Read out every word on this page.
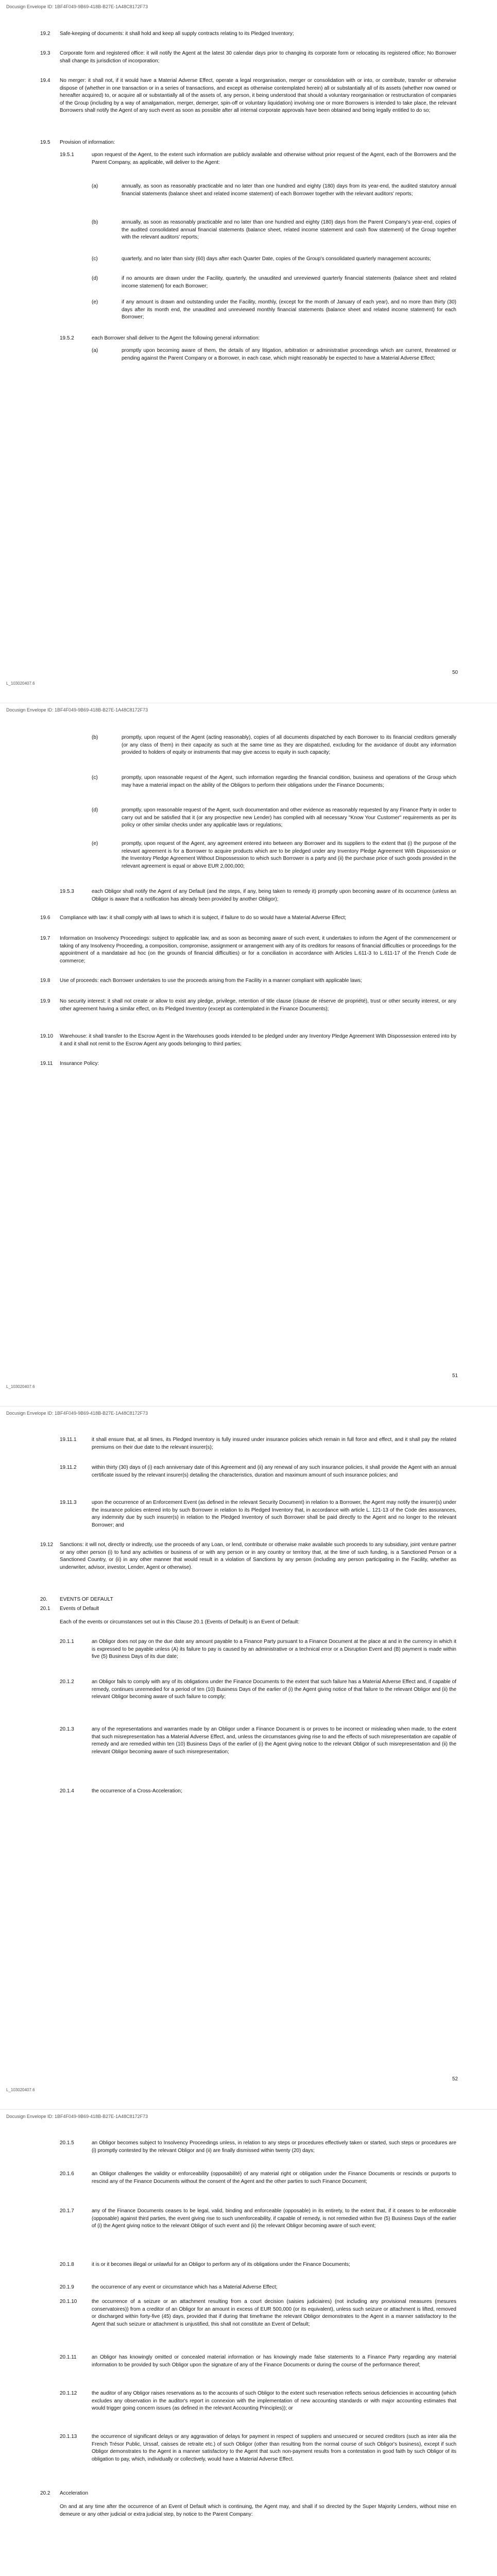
Docusign Envelope ID: 1BF4F049-9B69-418B-B27E-1A48C8172F73
19.2 Safe-keeping of documents: it shall hold and keep all supply contracts relating to its Pledged Inventory;
19.3 Corporate form and registered office: it will notify the Agent at the latest 30 calendar days prior to changing its corporate form or relocating its registered office; No Borrower shall change its jurisdiction of incorporation;
19.4 No merger: it shall not, if it would have a Material Adverse Effect, operate a legal reorganisation, merger or consolidation with or into, or contribute, transfer or otherwise dispose of (whether in one transaction or in a series of transactions, and except as otherwise contemplated herein) all or substantially all of its assets (whether now owned or hereafter acquired) to, or acquire all or substantially all of the assets of, any person, it being understood that should a voluntary reorganisation or restructuration of companies of the Group (including by a way of amalgamation, merger, demerger, spin-off or voluntary liquidation) involving one or more Borrowers is intended to take place, the relevant Borrowers shall notify the Agent of any such event as soon as possible after all internal corporate approvals have been obtained and being legally entitled to do so;
19.5 Provision of information:
19.5.1	upon request of the Agent, to the extent such information are publicly available and otherwise without prior request of the Agent, each of the Borrowers and the Parent Company, as applicable, will deliver to the Agent:
(a)	annually, as soon as reasonably practicable and no later than one hundred and eighty (180) days from its year-end, the audited statutory annual financial statements (balance sheet and related income statement) of each Borrower together with the relevant auditors' reports;
(b)	annually, as soon as reasonably practicable and no later than one hundred and eighty (180) days from the Parent Company's year-end, copies of the audited consolidated annual financial statements (balance sheet, related income statement and cash flow statement) of the Group together with the relevant auditors' reports;
(c)	quarterly, and no later than sixty (60) days after each Quarter Date, copies of the Group's consolidated quarterly management accounts;
(d)	if no amounts are drawn under the Facility, quarterly, the unaudited and unreviewed quarterly financial statements (balance sheet and related income statement) for each Borrower;
(e)	if any amount is drawn and outstanding under the Facility, monthly, (except for the month of January of each year), and no more than thirty (30) days after its month end, the unaudited and unreviewed monthly financial statements (balance sheet and related income statement) for each Borrower;
19.5.2	each Borrower shall deliver to the Agent the following general information:
(a)	promptly upon becoming aware of them, the details of any litigation, arbitration or administrative proceedings which are current, threatened or pending against the Parent Company or a Borrower, in each case, which might reasonably be expected to have a Material Adverse Effect;
50
L_103020407.6
Docusign Envelope ID: 1BF4F049-9B69-418B-B27E-1A48C8172F73
(b)	promptly, upon request of the Agent (acting reasonably), copies of all documents dispatched by each Borrower to its financial creditors generally (or any class of them) in their capacity as such at the same time as they are dispatched, excluding for the avoidance of doubt any information provided to holders of equity or instruments that may give access to equity in such capacity;
(c)	promptly, upon reasonable request of the Agent, such information regarding the financial condition, business and operations of the Group which may have a material impact on the ability of the Obligors to perform their obligations under the Finance Documents;
(d)	promptly, upon reasonable request of the Agent, such documentation and other evidence as reasonably requested by any Finance Party in order to carry out and be satisfied that it (or any prospective new Lender) has complied with all necessary "Know Your Customer" requirements as per its policy or other similar checks under any applicable laws or regulations;
(e)	promptly, upon request of the Agent, any agreement entered into between any Borrower and its suppliers to the extent that (i) the purpose of the relevant agreement is for a Borrower to acquire products which are to be pledged under any Inventory Pledge Agreement With Dispossession or the Inventory Pledge Agreement Without Dispossession to which such Borrower is a party and (ii) the purchase price of such goods provided in the relevant agreement is equal or above EUR 2,000,000;
19.5.3	each Obligor shall notify the Agent of any Default (and the steps, if any, being taken to remedy it) promptly upon becoming aware of its occurrence (unless an Obligor is aware that a notification has already been provided by another Obligor);
19.6 Compliance with law: it shall comply with all laws to which it is subject, if failure to do so would have a Material Adverse Effect;
19.7 Information on Insolvency Proceedings: subject to applicable law, and as soon as becoming aware of such event, it undertakes to inform the Agent of the commencement or taking of any Insolvency Proceeding, a composition, compromise, assignment or arrangement with any of its creditors for reasons of financial difficulties or proceedings for the appointment of a mandataire ad hoc (on the grounds of financial difficulties) or for a conciliation in accordance with Articles L.611-3 to L.611-17 of the French Code de commerce;
19.8 Use of proceeds: each Borrower undertakes to use the proceeds arising from the Facility in a manner compliant with applicable laws;
19.9 No security interest: it shall not create or allow to exist any pledge, privilege, retention of title clause (clause de réserve de propriété), trust or other security interest, or any other agreement having a similar effect, on its Pledged Inventory (except as contemplated in the Finance Documents);
19.10 Warehouse: it shall transfer to the Escrow Agent in the Warehouses goods intended to be pledged under any Inventory Pledge Agreement With Dispossession entered into by it and it shall not remit to the Escrow Agent any goods belonging to third parties;
19.11 Insurance Policy:
51
L_103020407.6
Docusign Envelope ID: 1BF4F049-9B69-418B-B27E-1A48C8172F73
19.11.1	it shall ensure that, at all times, its Pledged Inventory is fully insured under insurance policies which remain in full force and effect, and it shall pay the related premiums on their due date to the relevant insurer(s);
19.11.2	within thirty (30) days of (i) each anniversary date of this Agreement and (ii) any renewal of any such insurance policies, it shall provide the Agent with an annual certificate issued by the relevant insurer(s) detailing the characteristics, duration and maximum amount of such insurance policies; and
19.11.3	upon the occurrence of an Enforcement Event (as defined in the relevant Security Document) in relation to a Borrower, the Agent may notify the insurer(s) under the insurance policies entered into by such Borrower in relation to its Pledged Inventory that, in accordance with article L. 121-13 of the Code des assurances, any indemnity due by such insurer(s) in relation to the Pledged Inventory of such Borrower shall be paid directly to the Agent and no longer to the relevant Borrower; and
19.12 Sanctions: it will not, directly or indirectly, use the proceeds of any Loan, or lend, contribute or otherwise make available such proceeds to any subsidiary, joint venture partner or any other person (i) to fund any activities or business of or with any person or in any country or territory that, at the time of such funding, is a Sanctioned Person or a Sanctioned Country, or (ii) in any other manner that would result in a violation of Sanctions by any person (including any person participating in the Facility, whether as underwriter, advisor, investor, Lender, Agent or otherwise).
20. EVENTS OF DEFAULT
20.1 Events of Default
Each of the events or circumstances set out in this Clause 20.1 (Events of Default) is an Event of Default:
20.1.1	an Obligor does not pay on the due date any amount payable to a Finance Party pursuant to a Finance Document at the place at and in the currency in which it is expressed to be payable unless (A) its failure to pay is caused by an administrative or a technical error or a Disruption Event and (B) payment is made within five (5) Business Days of its due date;
20.1.2	an Obligor fails to comply with any of its obligations under the Finance Documents to the extent that such failure has a Material Adverse Effect and, if capable of remedy, continues unremedied for a period of ten (10) Business Days of the earlier of (i) the Agent giving notice of that failure to the relevant Obligor and (ii) the relevant Obligor becoming aware of such failure to comply;
20.1.3	any of the representations and warranties made by an Obligor under a Finance Document is or proves to be incorrect or misleading when made, to the extent that such misrepresentation has a Material Adverse Effect, and, unless the circumstances giving rise to and the effects of such misrepresentation are capable of remedy and are remedied within ten (10) Business Days of the earlier of (i) the Agent giving notice to the relevant Obligor of such misrepresentation and (ii) the relevant Obligor becoming aware of such misrepresentation;
20.1.4	the occurrence of a Cross-Acceleration;
52
L_103020407.6
Docusign Envelope ID: 1BF4F049-9B69-418B-B27E-1A48C8172F73
20.1.5	an Obligor becomes subject to Insolvency Proceedings unless, in relation to any steps or procedures effectively taken or started, such steps or procedures are (i) promptly contested by the relevant Obligor and (ii) are finally dismissed within twenty (20) days;
20.1.6	an Obligor challenges the validity or enforceability (opposabilité) of any material right or obligation under the Finance Documents or rescinds or purports to rescind any of the Finance Documents without the consent of the Agent and the other parties to such Finance Document;
20.1.7	any of the Finance Documents ceases to be legal, valid, binding and enforceable (opposable) in its entirety, to the extent that, if it ceases to be enforceable (opposable) against third parties, the event giving rise to such unenforceability, if capable of remedy, is not remedied within five (5) Business Days of the earlier of (i) the Agent giving notice to the relevant Obligor of such event and (ii) the relevant Obligor becoming aware of such event;
20.1.8	it is or it becomes illegal or unlawful for an Obligor to perform any of its obligations under the Finance Documents;
20.1.9	the occurrence of any event or circumstance which has a Material Adverse Effect;
20.1.10	the occurrence of a seizure or an attachment resulting from a court decision (saisies judiciaires) (not including any provisional measures (mesures conservatoires)) from a creditor of an Obligor for an amount in excess of EUR 500,000 (or its equivalent), unless such seizure or attachment is lifted, removed or discharged within forty-five (45) days, provided that if during that timeframe the relevant Obligor demonstrates to the Agent in a manner satisfactory to the Agent that such seizure or attachment is unjustified, this shall not constitute an Event of Default;
20.1.11	an Obligor has knowingly omitted or concealed material information or has knowingly made false statements to a Finance Party regarding any material information to be provided by such Obligor upon the signature of any of the Finance Documents or during the course of the performance thereof;
20.1.12	the auditor of any Obligor raises reservations as to the accounts of such Obligor to the extent such reservation reflects serious deficiencies in accounting (which excludes any observation in the auditor's report in connexion with the implementation of new accounting standards or with major accounting estimates that would trigger going concern issues (as defined in the relevant Accounting Principles)); or
20.1.13	the occurrence of significant delays or any aggravation of delays for payment in respect of suppliers and unsecured or secured creditors (such as inter alia the French Trésor Public, Urssaf, caisses de retraite etc.) of such Obligor (other than resulting from the normal course of such Obligor's business), except if such Obligor demonstrates to the Agent in a manner satisfactory to the Agent that such non-payment results from a contestation in good faith by such Obligor of its obligation to pay, which, individually or collectively, would have a Material Adverse Effect.
20.2 Acceleration
On and at any time after the occurrence of an Event of Default which is continuing, the Agent may, and shall if so directed by the Super Majority Lenders, without mise en demeure or any other judicial or extra judicial step, by notice to the Parent Company:
